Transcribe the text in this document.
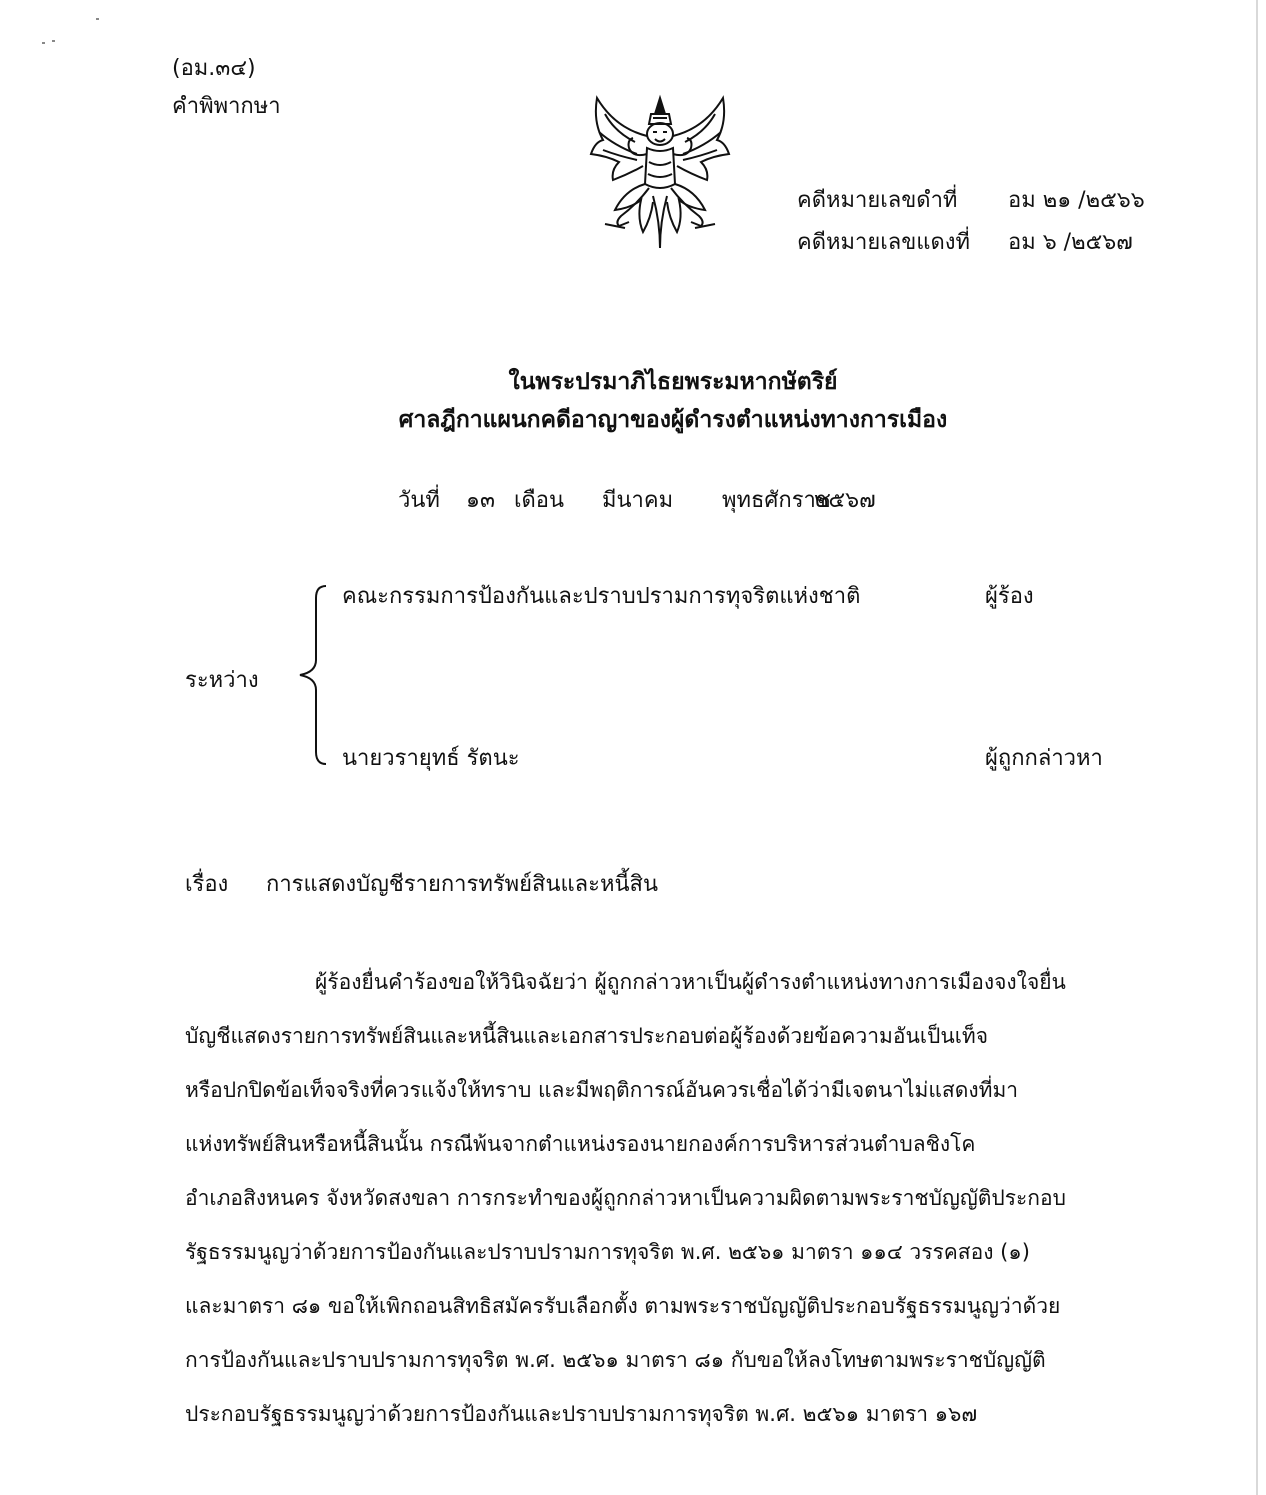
(อม.๓๔)
คำพิพากษา
คดีหมายเลขดำที่ อม ๒๑ /๒๕๖๖
คดีหมายเลขแดงที่ อม ๖ /๒๕๖๗
ในพระปรมาภิไธยพระมหากษัตริย์
ศาลฎีกาแผนกคดีอาญาของผู้ดำรงตำแหน่งทางการเมือง
วันที่ ๑๓ เดือน มีนาคม พุทธศักราช
๒๕๖๗
ระหว่าง
คณะกรรมการป้องกันและปราบปรามการทุจริตแห่งชาติ	ผู้ร้อง
นายวรายุทธ์ รัตนะ	ผู้ถูกกล่าวหา
เรื่อง การแสดงบัญชีรายการทรัพย์สินและหนี้สิน
ผู้ร้องยื่นคำร้องขอให้วินิจฉัยว่า ผู้ถูกกล่าวหาเป็นผู้ดำรงตำแหน่งทางการเมืองจงใจยื่น
บัญชีแสดงรายการทรัพย์สินและหนี้สินและเอกสารประกอบต่อผู้ร้องด้วยข้อความอันเป็นเท็จ
หรือปกปิดข้อเท็จจริงที่ควรแจ้งให้ทราบ และมีพฤติการณ์อันควรเชื่อได้ว่ามีเจตนาไม่แสดงที่มา
แห่งทรัพย์สินหรือหนี้สินนั้น กรณีพ้นจากตำแหน่งรองนายกองค์การบริหารส่วนตำบลชิงโค
อำเภอสิงหนคร จังหวัดสงขลา การกระทำของผู้ถูกกล่าวหาเป็นความผิดตามพระราชบัญญัติประกอบ
รัฐธรรมนูญว่าด้วยการป้องกันและปราบปรามการทุจริต พ.ศ. ๒๕๖๑ มาตรา ๑๑๔ วรรคสอง (๑)
และมาตรา ๘๑ ขอให้เพิกถอนสิทธิสมัครรับเลือกตั้ง ตามพระราชบัญญัติประกอบรัฐธรรมนูญว่าด้วย
การป้องกันและปราบปรามการทุจริต พ.ศ. ๒๕๖๑ มาตรา ๘๑ กับขอให้ลงโทษตามพระราชบัญญัติ
ประกอบรัฐธรรมนูญว่าด้วยการป้องกันและปราบปรามการทุจริต พ.ศ. ๒๕๖๑ มาตรา ๑๖๗
